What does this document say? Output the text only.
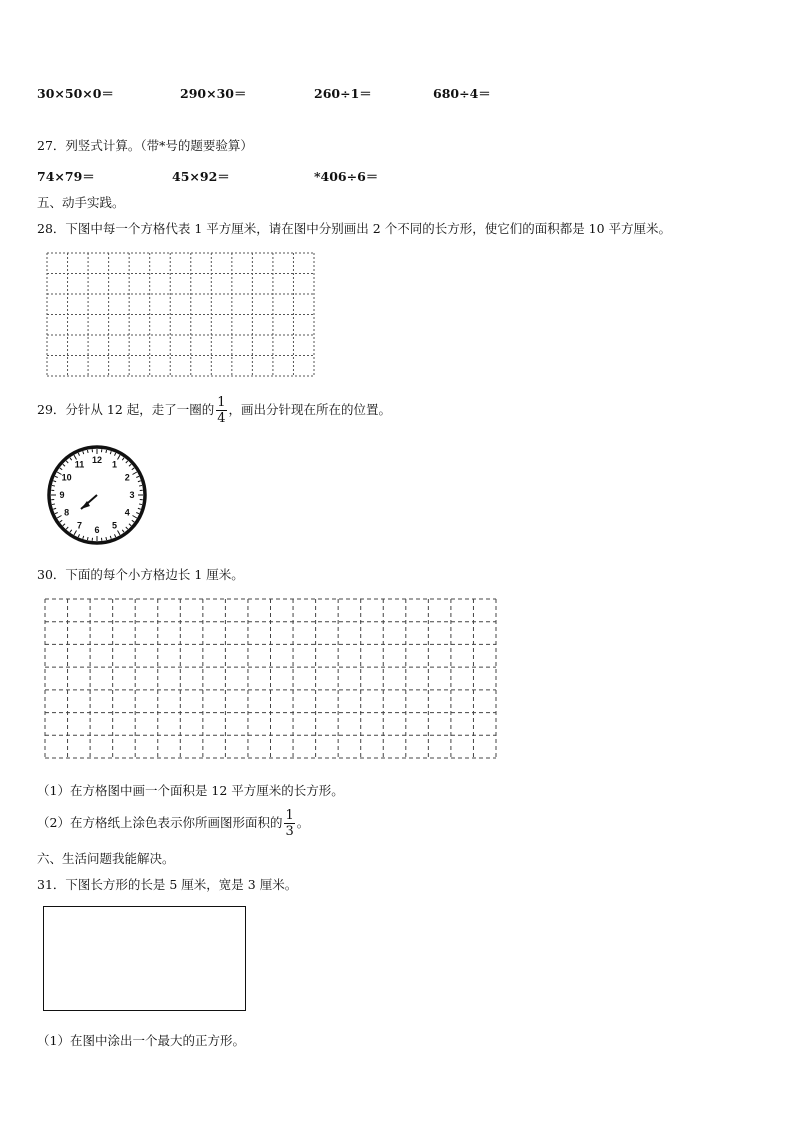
30×50×0＝	290×30＝	260÷1＝	680÷4＝
27．列竖式计算。（带*号的题要验算）
74×79＝	45×92＝	*406÷6＝
五、动手实践。
28．下图中每一个方格代表 1 平方厘米，请在图中分别画出 2 个不同的长方形，使它们的面积都是 10 平方厘米。
29．分针从 12 起，走了一圈的 $\frac{1}{4}$ ，画出分针现在所在的位置。
12 1
2
3
4
5
6
7
8
9
10
11
30．下面的每个小方格边长 1 厘米。
（1）在方格图中画一个面积是 12 平方厘米的长方形。
（2）在方格纸上涂色表示你所画图形面积的 $\frac{1}{3}$ 。
六、生活问题我能解决。
31．下图长方形的长是 5 厘米，宽是 3 厘米。
（1）在图中涂出一个最大的正方形。
